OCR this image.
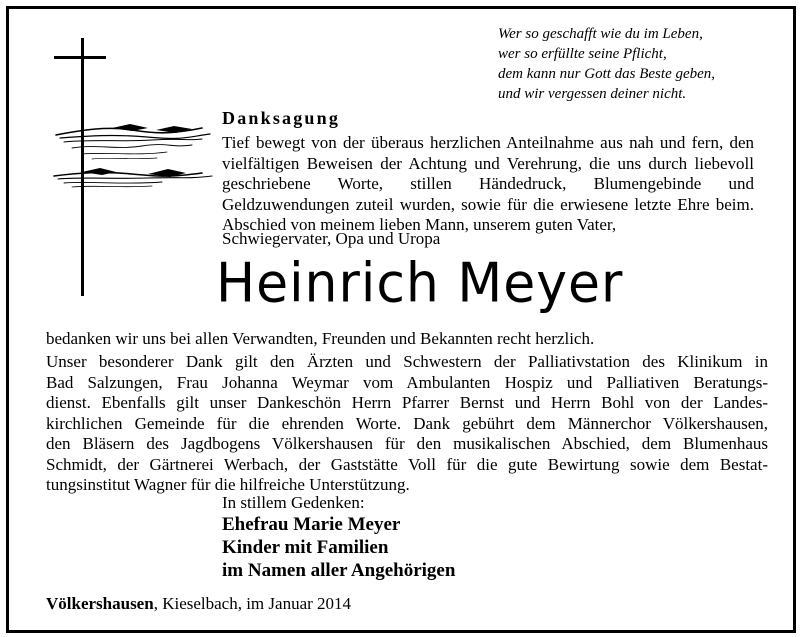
Wer so geschafft wie du im Leben,
wer so erfüllte seine Pflicht,
dem kann nur Gott das Beste geben,
und wir vergessen deiner nicht.
Danksagung
Tief bewegt von der überaus herzlichen Anteilnahme aus nah und fern, den vielfältigen Beweisen der Achtung und Verehrung, die uns durch liebevoll geschriebene Worte, stillen Händedruck, Blumengebinde und Geldzuwendungen zuteil wurden, sowie für die erwiesene letzte Ehre beim. Abschied von meinem lieben Mann, unserem guten Vater,
Schwiegervater, Opa und Uropa
Heinrich Meyer
bedanken wir uns bei allen Verwandten, Freunden und Bekannten recht herzlich.
Unser besonderer Dank gilt den Ärzten und Schwestern der Palliativstation des Klinikum in
Bad Salzungen, Frau Johanna Weymar vom Ambulanten Hospiz und Palliativen Beratungs-
dienst. Ebenfalls gilt unser Dankeschön Herrn Pfarrer Bernst und Herrn Bohl von der Landes-
kirchlichen Gemeinde für die ehrenden Worte. Dank gebührt dem Männerchor Völkershausen,
den Bläsern des Jagdbogens Völkershausen für den musikalischen Abschied, dem Blumenhaus
Schmidt, der Gärtnerei Werbach, der Gaststätte Voll für die gute Bewirtung sowie dem Bestat-
tungsinstitut Wagner für die hilfreiche Unterstützung.
In stillem Gedenken:
Ehefrau Marie Meyer
Kinder mit Familien
im Namen aller Angehörigen
Völkershausen, Kieselbach, im Januar 2014
